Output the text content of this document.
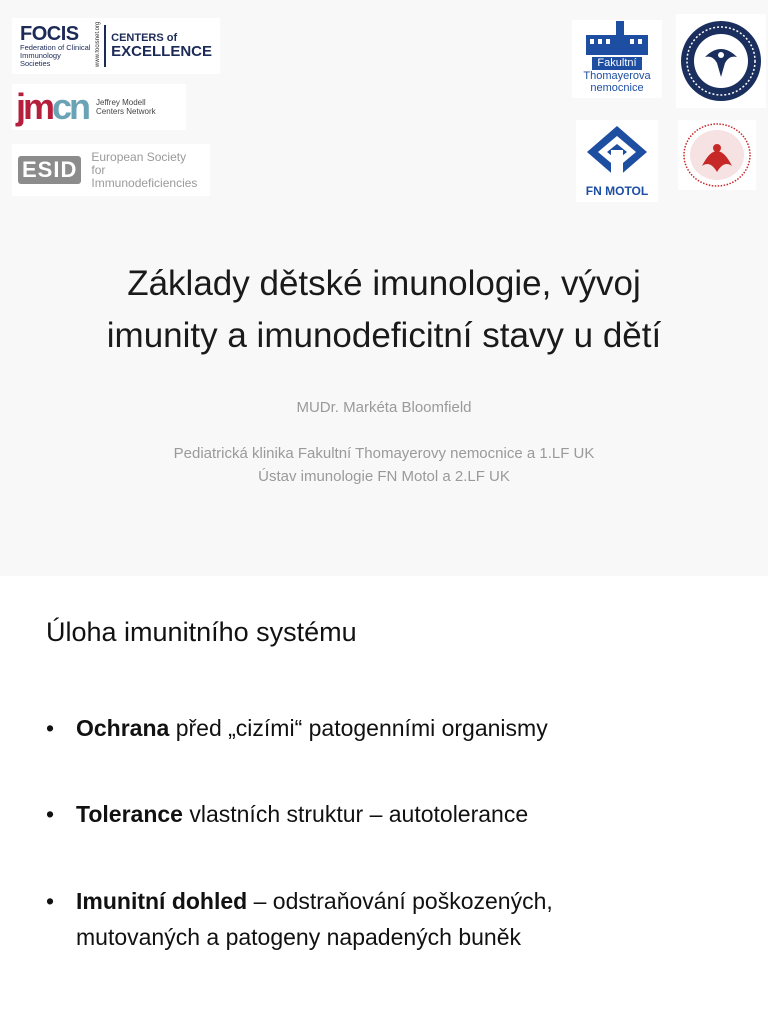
FOCIS
Federation of Clinical
Immunology Societies	www.focisnet.org CENTERS of
EXCELLENCE
jm cn Jeffrey Modell
Centers Network
ESID
European Society
for Immunodeficiencies
Fakultní
Thomayerova
nemocnice
FN MOTOL
Základy dětské imunologie, vývoj
imunity a imunodeficitní stavy u dětí

MUDr. Markéta Bloomfield

Pediatrická klinika Fakultní Thomayerovy nemocnice a 1.LF UK

Ústav imunologie FN Motol a 2.LF UK

Úloha imunitního systému
• Ochrana před „cizími“ patogenními organismy
• Tolerance vlastních struktur – autotolerance
• Imunitní dohled – odstraňování poškozených, mutovaných a patogeny napadených buněk
